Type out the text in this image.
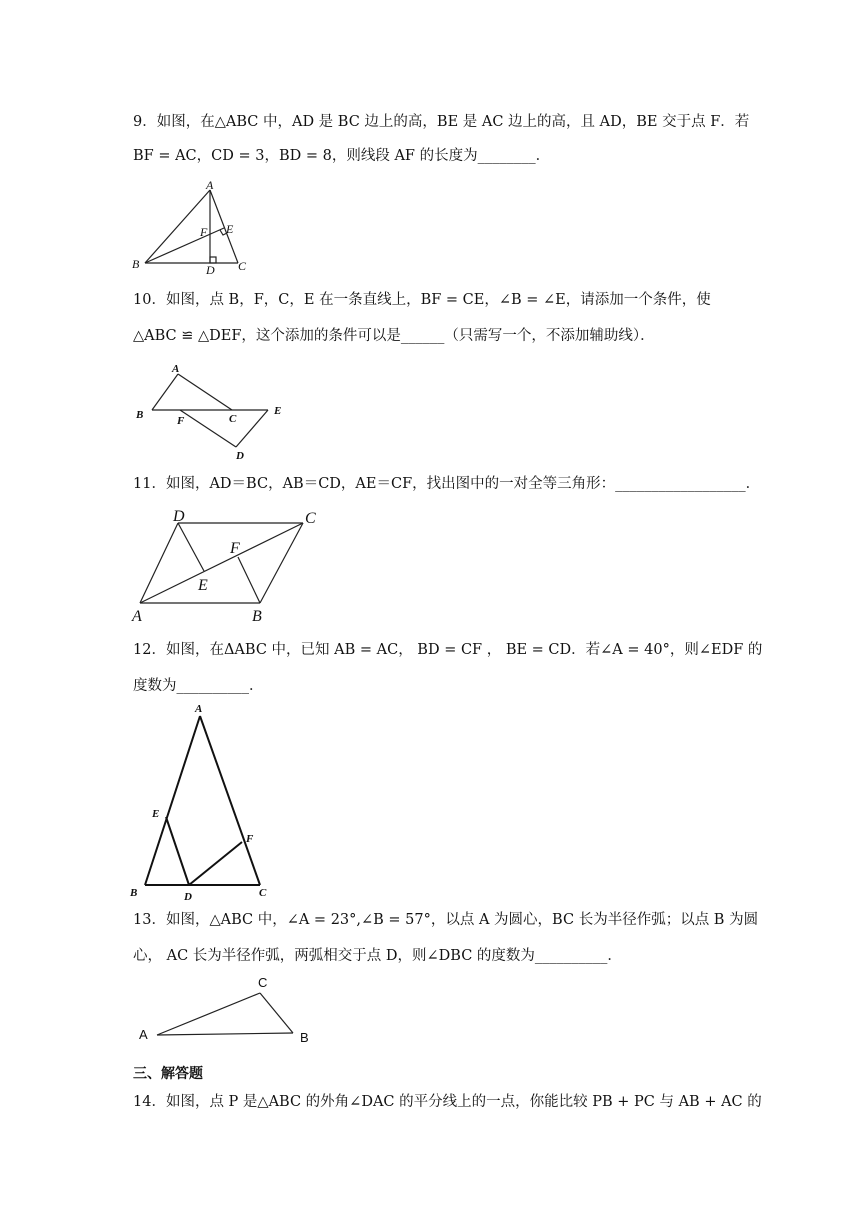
9．如图，在△ABC 中，AD 是 BC 边上的高，BE 是 AC 边上的高，且 AD，BE 交于点 F．若
BF = AC，CD = 3，BD = 8，则线段 AF 的长度为________．
A
B	C
D
E
F
10．如图，点 B，F，C，E 在一条直线上，BF = CE，∠B = ∠E，请添加一个条件，使
△ABC ≌ △DEF，这个添加的条件可以是______（只需写一个，不添加辅助线）．
A
B	F	C
E
D
11．如图，AD＝BC，AB＝CD，AE＝CF，找出图中的一对全等三角形：__________________．
D	C
F
E
A	B
12．如图，在ΔABC 中，已知 AB = AC， BD = CF ， BE = CD．若∠A = 40°，则∠EDF 的
度数为__________．
A
E
F
B	D	C
13．如图，△ABC 中，∠A = 23°,∠B = 57°，以点 A 为圆心，BC 长为半径作弧；以点 B 为圆
心， AC 长为半径作弧，两弧相交于点 D，则∠DBC 的度数为__________．
A
C
B
三、解答题
14．如图，点 P 是△ABC 的外角∠DAC 的平分线上的一点，你能比较 PB + PC 与 AB + AC 的
